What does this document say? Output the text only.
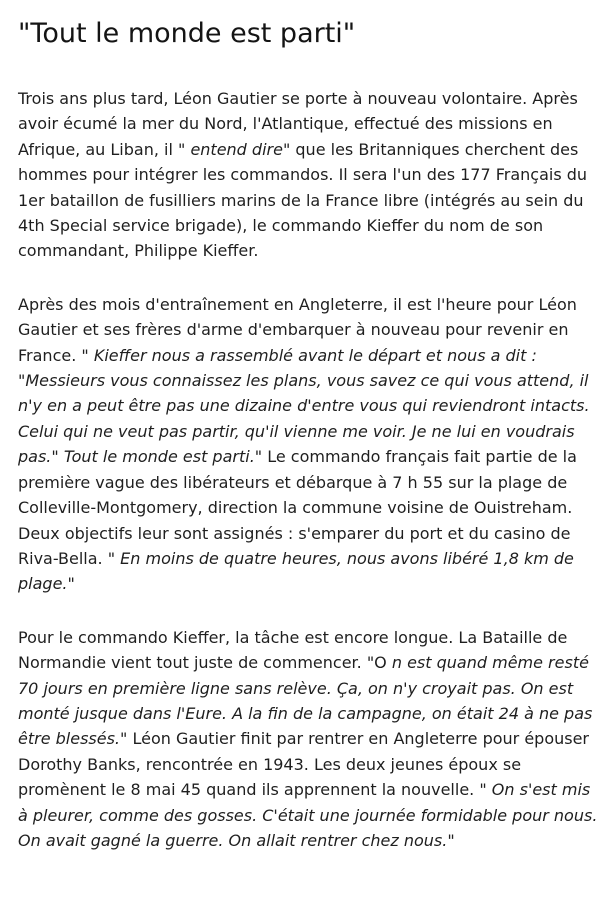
"Tout le monde est parti"

Trois ans plus tard, Léon Gautier se porte à nouveau volontaire. Après avoir écumé la mer du Nord, l'Atlantique, effectué des missions en Afrique, au Liban, il " entend dire" que les Britanniques cherchent des hommes pour intégrer les commandos. Il sera l'un des 177 Français du 1er bataillon de fusilliers marins de la France libre (intégrés au sein du 4th Special service brigade), le commando Kieffer du nom de son commandant, Philippe Kieffer.

Après des mois d'entraînement en Angleterre, il est l'heure pour Léon Gautier et ses frères d'arme d'embarquer à nouveau pour revenir en France. " Kieffer nous a rassemblé avant le départ et nous a dit : "Messieurs vous connaissez les plans, vous savez ce qui vous attend, il n'y en a peut être pas une dizaine d'entre vous qui reviendront intacts. Celui qui ne veut pas partir, qu'il vienne me voir. Je ne lui en voudrais pas." Tout le monde est parti." Le commando français fait partie de la première vague des libérateurs et débarque à 7 h 55 sur la plage de Colleville-Montgomery, direction la commune voisine de Ouistreham. Deux objectifs leur sont assignés : s'emparer du port et du casino de Riva-Bella. " En moins de quatre heures, nous avons libéré 1,8 km de plage."

Pour le commando Kieffer, la tâche est encore longue. La Bataille de Normandie vient tout juste de commencer. "O n est quand même resté 70 jours en première ligne sans relève. Ça, on n'y croyait pas. On est monté jusque dans l'Eure. A la fin de la campagne, on était 24 à ne pas être blessés." Léon Gautier finit par rentrer en Angleterre pour épouser Dorothy Banks, rencontrée en 1943. Les deux jeunes époux se promènent le 8 mai 45 quand ils apprennent la nouvelle. " On s'est mis à pleurer, comme des gosses. C'était une journée formidable pour nous. On avait gagné la guerre. On allait rentrer chez nous."
